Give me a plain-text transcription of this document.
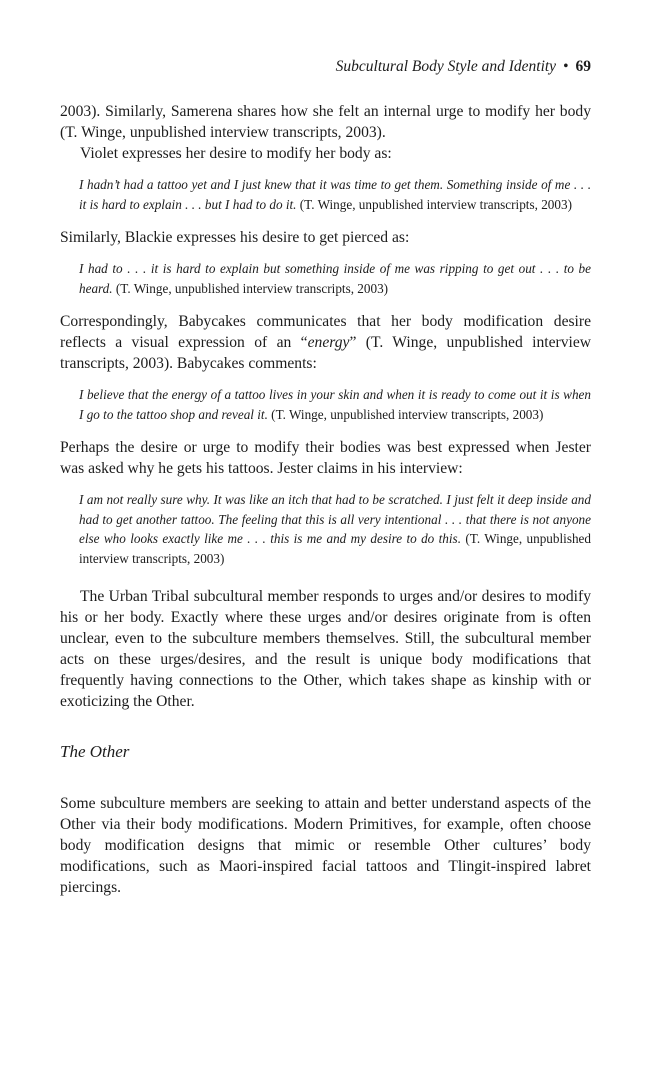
Subcultural Body Style and Identity • 69

2003). Similarly, Samerena shares how she felt an internal urge to modify her body (T. Winge, unpublished interview transcripts, 2003).

Violet expresses her desire to modify her body as:

I hadn’t had a tattoo yet and I just knew that it was time to get them. Something inside of me . . . it is hard to explain . . . but I had to do it. (T. Winge, unpublished interview transcripts, 2003)

Similarly, Blackie expresses his desire to get pierced as:

I had to . . . it is hard to explain but something inside of me was ripping to get out . . . to be heard. (T. Winge, unpublished interview transcripts, 2003)

Correspondingly, Babycakes communicates that her body modification desire reflects a visual expression of an “energy” (T. Winge, unpublished interview transcripts, 2003). Babycakes comments:

I believe that the energy of a tattoo lives in your skin and when it is ready to come out it is when I go to the tattoo shop and reveal it. (T. Winge, unpublished interview transcripts, 2003)

Perhaps the desire or urge to modify their bodies was best expressed when Jester was asked why he gets his tattoos. Jester claims in his interview:

I am not really sure why. It was like an itch that had to be scratched. I just felt it deep inside and had to get another tattoo. The feeling that this is all very intentional . . . that there is not anyone else who looks exactly like me . . . this is me and my desire to do this. (T. Winge, unpublished interview transcripts, 2003)

The Urban Tribal subcultural member responds to urges and/or desires to modify his or her body. Exactly where these urges and/or desires originate from is often unclear, even to the subculture members themselves. Still, the subcultural member acts on these urges/desires, and the result is unique body modifications that frequently having connections to the Other, which takes shape as kinship with or exoticizing the Other.

The Other

Some subculture members are seeking to attain and better understand aspects of the Other via their body modifications. Modern Primitives, for example, often choose body modification designs that mimic or resemble Other cultures’ body modifications, such as Maori-inspired facial tattoos and Tlingit-inspired labret piercings.
